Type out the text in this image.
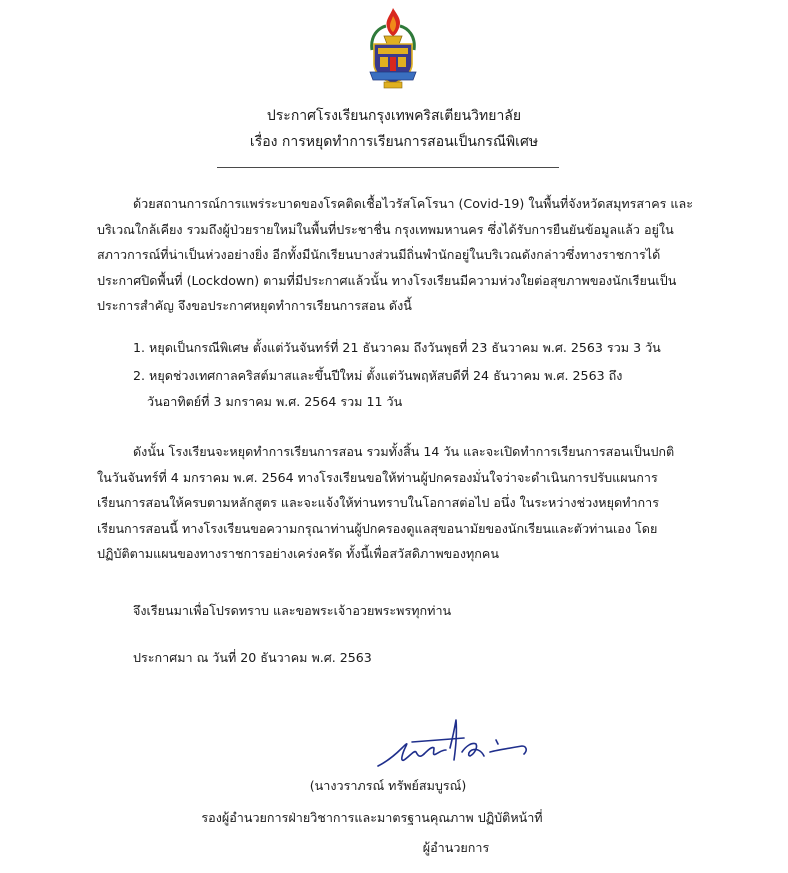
ประกาศโรงเรียนกรุงเทพคริสเตียนวิทยาลัย
เรื่อง การหยุดทำการเรียนการสอนเป็นกรณีพิเศษ
ด้วยสถานการณ์การแพร่ระบาดของโรคติดเชื้อไวรัสโคโรนา (Covid-19) ในพื้นที่จังหวัดสมุทรสาคร และ
บริเวณใกล้เคียง รวมถึงผู้ป่วยรายใหม่ในพื้นที่ประชาชื่น กรุงเทพมหานคร ซึ่งได้รับการยืนยันข้อมูลแล้ว อยู่ใน
สภาวการณ์ที่น่าเป็นห่วงอย่างยิ่ง อีกทั้งมีนักเรียนบางส่วนมีถิ่นพำนักอยู่ในบริเวณดังกล่าวซึ่งทางราชการได้
ประกาศปิดพื้นที่ (Lockdown) ตามที่มีประกาศแล้วนั้น ทางโรงเรียนมีความห่วงใยต่อสุขภาพของนักเรียนเป็น
ประการสำคัญ จึงขอประกาศหยุดทำการเรียนการสอน ดังนี้
1. หยุดเป็นกรณีพิเศษ ตั้งแต่วันจันทร์ที่ 21 ธันวาคม ถึงวันพุธที่ 23 ธันวาคม พ.ศ. 2563 รวม 3 วัน
2. หยุดช่วงเทศกาลคริสต์มาสและขึ้นปีใหม่ ตั้งแต่วันพฤหัสบดีที่ 24 ธันวาคม พ.ศ. 2563 ถึง
วันอาทิตย์ที่ 3 มกราคม พ.ศ. 2564 รวม 11 วัน
ดังนั้น โรงเรียนจะหยุดทำการเรียนการสอน รวมทั้งสิ้น 14 วัน และจะเปิดทำการเรียนการสอนเป็นปกติ
ในวันจันทร์ที่ 4 มกราคม พ.ศ. 2564 ทางโรงเรียนขอให้ท่านผู้ปกครองมั่นใจว่าจะดำเนินการปรับแผนการ
เรียนการสอนให้ครบตามหลักสูตร และจะแจ้งให้ท่านทราบในโอกาสต่อไป อนึ่ง ในระหว่างช่วงหยุดทำการ
เรียนการสอนนี้ ทางโรงเรียนขอความกรุณาท่านผู้ปกครองดูแลสุขอนามัยของนักเรียนและตัวท่านเอง โดย
ปฏิบัติตามแผนของทางราชการอย่างเคร่งครัด ทั้งนี้เพื่อสวัสดิภาพของทุกคน
จึงเรียนมาเพื่อโปรดทราบ และขอพระเจ้าอวยพระพรทุกท่าน
ประกาศมา ณ วันที่ 20 ธันวาคม พ.ศ. 2563
(นางวราภรณ์ ทรัพย์สมบูรณ์)
รองผู้อำนวยการฝ่ายวิชาการและมาตรฐานคุณภาพ ปฏิบัติหน้าที่
ผู้อำนวยการ
